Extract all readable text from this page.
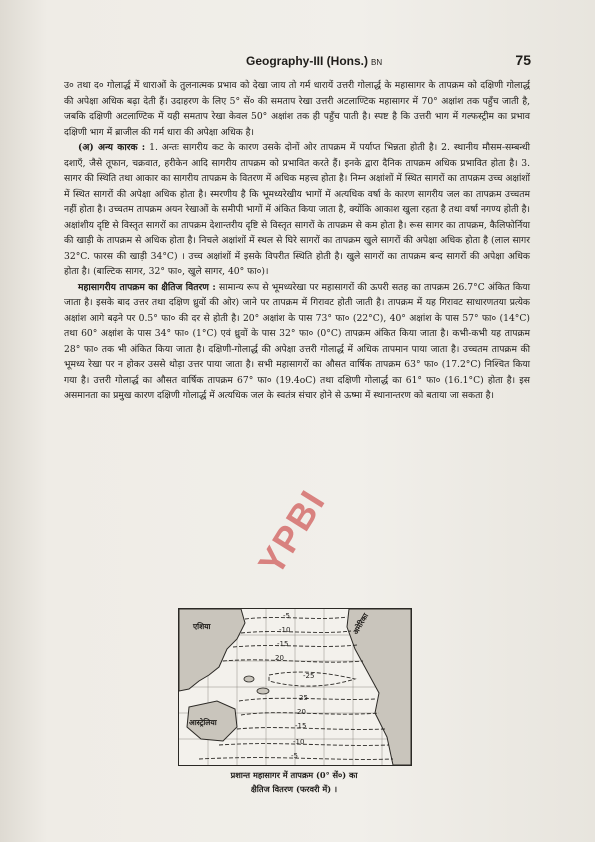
Geography-III (Hons.) BN	75

उ० तथा द० गोलार्द्ध में धाराओं के तुलनात्मक प्रभाव को देखा जाय तो गर्म धारायें उत्तरी गोलार्द्ध के महासागर के तापक्रम को दक्षिणी गोलार्द्ध की अपेक्षा अधिक बढ़ा देती हैं। उदाहरण के लिए 5° सें० की समताप रेखा उत्तरी अटलाण्टिक महासागर में 70° अक्षांश तक पहुँच जाती है, जबकि दक्षिणी अटलाण्टिक में यही समताप रेखा केवल 50° अक्षांश तक ही पहुँच पाती है। स्पष्ट है कि उत्तरी भाग में गल्फस्ट्रीम का प्रभाव दक्षिणी भाग में ब्राजील की गर्म धारा की अपेक्षा अधिक है।

(अ) अन्य कारक : 1. अन्तः सागरीय कट के कारण उसके दोनों ओर तापक्रम में पर्याप्त भिन्नता होती है। 2. स्थानीय मौसम-सम्बन्धी दशाएँ, जैसे तूफान, चक्रवात, हरीकेन आदि सागरीय तापक्रम को प्रभावित करते हैं। इनके द्वारा दैनिक तापक्रम अधिक प्रभावित होता है। 3. सागर की स्थिति तथा आकार का सागरीय तापक्रम के वितरण में अधिक महत्त्व होता है। निम्न अक्षांशों में स्थित सागरों का तापक्रम उच्च अक्षांशों में स्थित सागरों की अपेक्षा अधिक होता है। स्मरणीय है कि भूमध्यरेखीय भागों में अत्यधिक वर्षा के कारण सागरीय जल का तापक्रम उच्चतम नहीं होता है। उच्चतम तापक्रम अयन रेखाओं के समीपी भागों में अंकित किया जाता है, क्योंकि आकाश खुला रहता है तथा वर्षा नगण्य होती है। अक्षांशीय दृष्टि से विस्तृत सागरों का तापक्रम देशान्तरीय दृष्टि से विस्तृत सागरों के तापक्रम से कम होता है। रूस सागर का तापक्रम, कैलिफोर्निया की खाड़ी के तापक्रम से अधिक होता है। निचले अक्षांशों में स्थल से घिरे सागरों का तापक्रम खुले सागरों की अपेक्षा अधिक होता है (लाल सागर 32°C. फारस की खाड़ी 34°C) । उच्च अक्षांशों में इसके विपरीत स्थिति होती है। खुले सागरों का तापक्रम बन्द सागरों की अपेक्षा अधिक होता है। (बाल्टिक सागर, 32° फा०, खुले सागर, 40° फा०)।

महासागरीय तापक्रम का क्षैतिज वितरण : सामान्य रूप से भूमध्यरेखा पर महासागरों की ऊपरी सतह का तापक्रम 26.7°C अंकित किया जाता है। इसके बाद उत्तर तथा दक्षिण ध्रुवों की ओर) जाने पर तापक्रम में गिरावट होती जाती है। तापक्रम में यह गिरावट साधारणतया प्रत्येक अक्षांश आगे बढ़ने पर 0.5° फा० की दर से होती है। 20° अक्षांश के पास 73° फा० (22°C), 40° अक्षांश के पास 57° फा० (14°C) तथा 60° अक्षांश के पास 34° फा० (1°C) एवं ध्रुवों के पास 32° फा० (0°C) तापक्रम अंकित किया जाता है। कभी-कभी यह तापक्रम 28° फा० तक भी अंकित किया जाता है। दक्षिणी-गोलार्द्ध की अपेक्षा उत्तरी गोलार्द्ध में अधिक तापमान पाया जाता है। उच्चतम तापक्रम की भूमध्य रेखा पर न होकर उससे थोड़ा उत्तर पाया जाता है। सभी महासागरों का औसत वार्षिक तापक्रम 63° फा० (17.2°C) निश्चित किया गया है। उत्तरी गोलार्द्ध का औसत वार्षिक तापक्रम 67° फा० (19.4oC) तथा दक्षिणी गोलार्द्ध का 61° फा० (16.1°C) होता है। इस असमानता का प्रमुख कारण दक्षिणी गोलार्द्ध में अत्यधिक जल के स्वतंत्र संचार होने से ऊष्मा में स्थानान्तरण को बताया जा सकता है।

-5
-10
-15
20
-25
25
20
-15
-10
-5
एशिया	अमेरिका
आस्ट्रेलिया
प्रशान्त महासागर में तापक्रम (0° सें०) का
क्षैतिज वितरण (फरवरी में) ।
YPBI
